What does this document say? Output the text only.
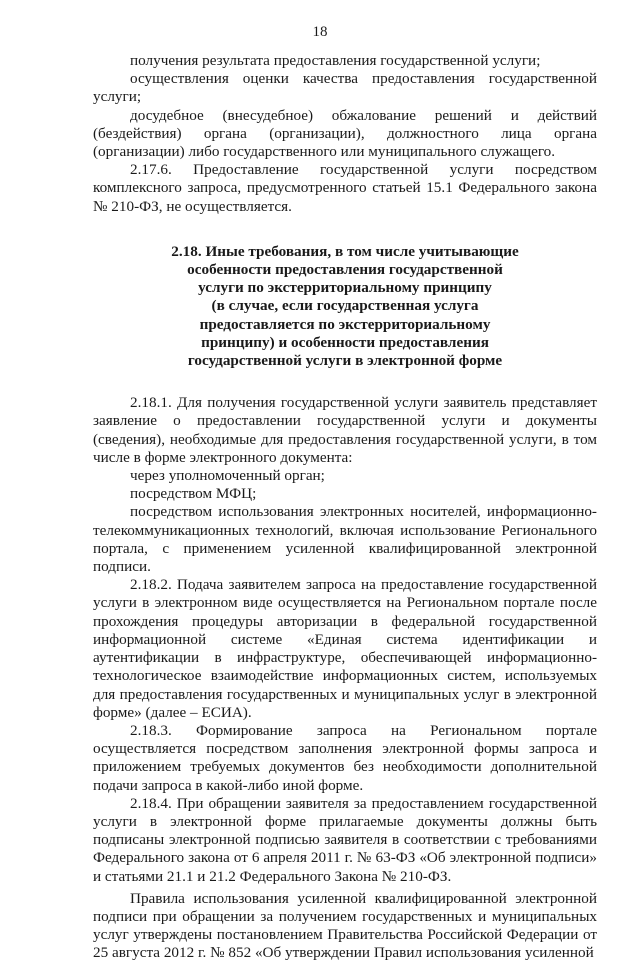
18

получения результата предоставления государственной услуги;

осуществления оценки качества предоставления государственной услуги;

досудебное (внесудебное) обжалование решений и действий (бездействия) органа (организации), должностного лица органа (организации) либо государственного или муниципального служащего.

2.17.6. Предоставление государственной услуги посредством комплексного запроса, предусмотренного статьей 15.1 Федерального закона № 210-ФЗ, не осуществляется.

2.18. Иные требования, в том числе учитывающие
особенности предоставления государственной
услуги по экстерриториальному принципу
(в случае, если государственная услуга
предоставляется по экстерриториальному
принципу) и особенности предоставления
государственной услуги в электронной форме

2.18.1. Для получения государственной услуги заявитель представляет заявление о предоставлении государственной услуги и документы (сведения), необходимые для предоставления государственной услуги, в том числе в форме электронного документа:

через уполномоченный орган;

посредством МФЦ;

посредством использования электронных носителей, информационно-телекоммуникационных технологий, включая использование Регионального портала, с применением усиленной квалифицированной электронной подписи.

2.18.2. Подача заявителем запроса на предоставление государственной услуги в электронном виде осуществляется на Региональном портале после прохождения процедуры авторизации в федеральной государственной информационной системе «Единая система идентификации и аутентификации в инфраструктуре, обеспечивающей информационно-технологическое взаимодействие информационных систем, используемых для предоставления государственных и муниципальных услуг в электронной форме» (далее – ЕСИА).

2.18.3. Формирование запроса на Региональном портале осуществляется посредством заполнения электронной формы запроса и приложением требуемых документов без необходимости дополнительной подачи запроса в какой-либо иной форме.

2.18.4. При обращении заявителя за предоставлением государственной услуги в электронной форме прилагаемые документы должны быть подписаны электронной подписью заявителя в соответствии с требованиями Федерального закона от 6 апреля 2011 г. № 63-ФЗ «Об электронной подписи» и статьями 21.1 и 21.2 Федерального Закона № 210-ФЗ.

Правила использования усиленной квалифицированной электронной подписи при обращении за получением государственных и муниципальных услуг утверждены постановлением Правительства Российской Федерации от 25 августа 2012 г. № 852 «Об утверждении Правил использования усиленной
